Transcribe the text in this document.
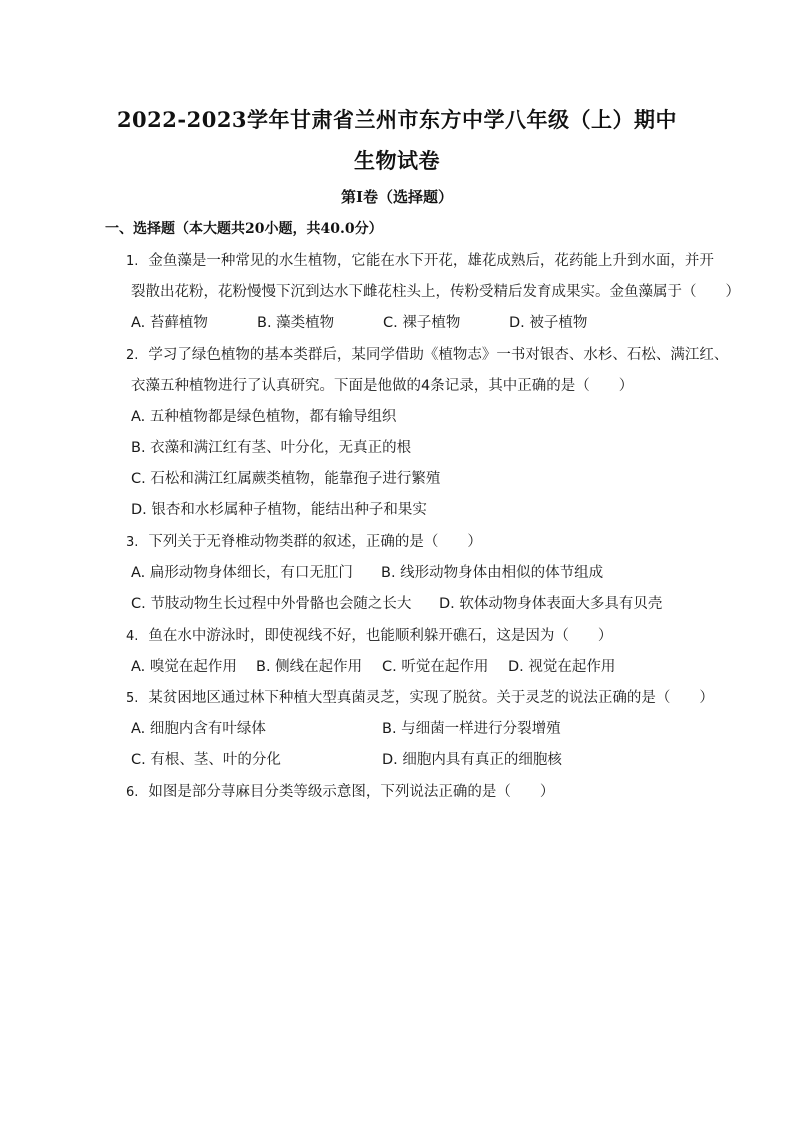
2022-2023学年甘肃省兰州市东方中学八年级（上）期中
生物试卷
第Ⅰ卷（选择题）
一、选择题（本大题共20小题，共40.0分）
1. 金鱼藻是一种常见的水生植物，它能在水下开花，雄花成熟后，花药能上升到水面，并开
裂散出花粉，花粉慢慢下沉到达水下雌花柱头上，传粉受精后发育成果实。金鱼藻属于（　　）
A. 苔藓植物	B. 藻类植物	C. 裸子植物	D. 被子植物
2. 学习了绿色植物的基本类群后，某同学借助《植物志》一书对银杏、水杉、石松、满江红、
衣藻五种植物进行了认真研究。下面是他做的4条记录，其中正确的是（　　）
A. 五种植物都是绿色植物，都有输导组织
B. 衣藻和满江红有茎、叶分化，无真正的根
C. 石松和满江红属蕨类植物，能靠孢子进行繁殖
D. 银杏和水杉属种子植物，能结出种子和果实
3. 下列关于无脊椎动物类群的叙述，正确的是（　　）
A. 扁形动物身体细长，有口无肛门 B. 线形动物身体由相似的体节组成
C. 节肢动物生长过程中外骨骼也会随之长大 D. 软体动物身体表面大多具有贝壳
4. 鱼在水中游泳时，即使视线不好，也能顺利躲开礁石，这是因为（　　）
A. 嗅觉在起作用 B. 侧线在起作用 C. 听觉在起作用 D. 视觉在起作用
5. 某贫困地区通过林下种植大型真菌灵芝，实现了脱贫。关于灵芝的说法正确的是（　　）
A. 细胞内含有叶绿体	B. 与细菌一样进行分裂增殖
C. 有根、茎、叶的分化	D. 细胞内具有真正的细胞核
6. 如图是部分荨麻目分类等级示意图，下列说法正确的是（　　）
